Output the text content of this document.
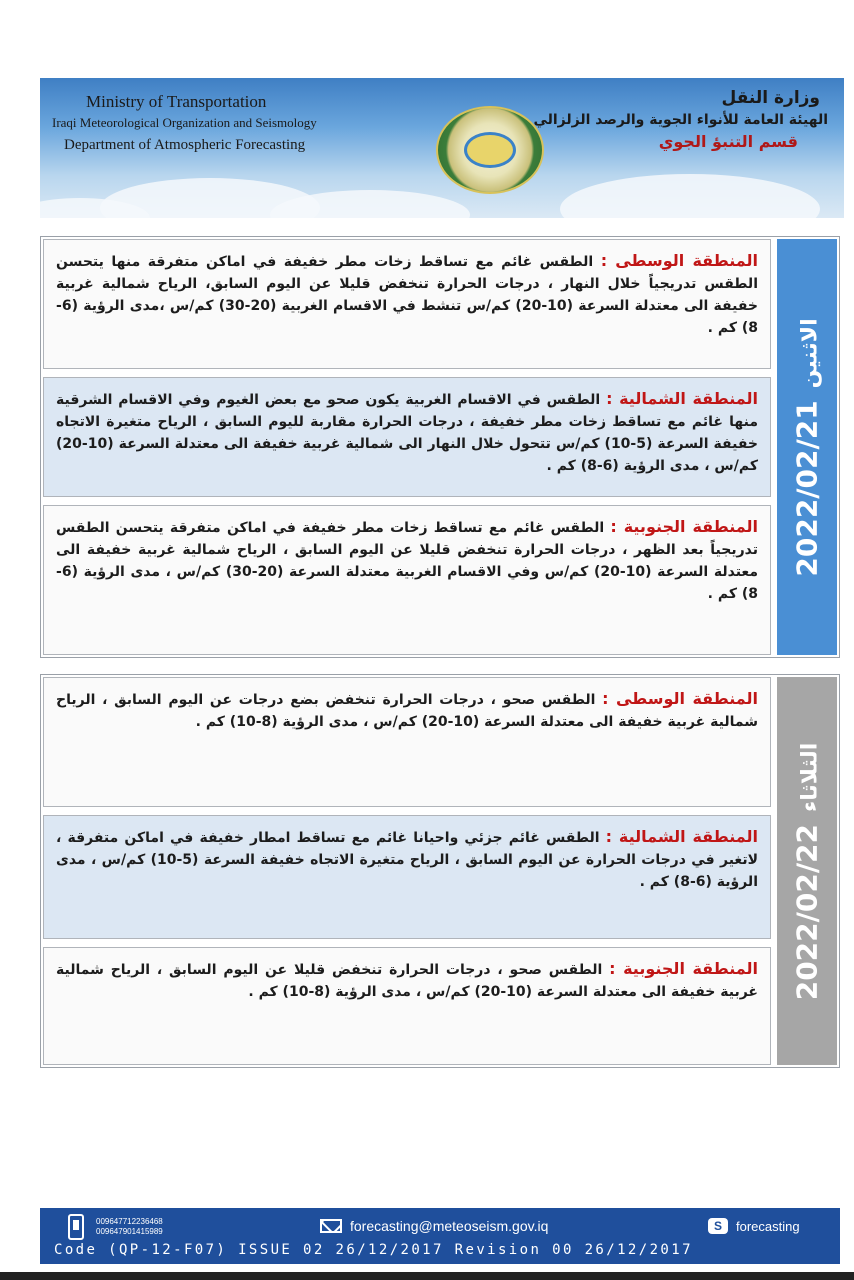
Ministry of Transportation
Iraqi Meteorological Organization and Seismology
Department of Atmospheric Forecasting
وزارة النقل
الهيئة العامة للأنواء الجوية والرصد الزلزالي
قسم التنبؤ الجوي
2022/02/21الاثنين
المنطقة الوسطى : الطقس غائم مع تساقط زخات مطر خفيفة في اماكن متفرقة منها يتحسن الطقس تدريجياً خلال النهار ، درجات الحرارة تنخفض قليلا عن اليوم السابق، الرياح شمالية غربية خفيفة الى معتدلة السرعة (10-20) كم/س تنشط في الاقسام الغربية (20-30) كم/س ،مدى الرؤية (6-8) كم .
المنطقة الشمالية : الطقس في الاقسام الغربية يكون صحو مع بعض الغيوم وفي الاقسام الشرقية منها غائم مع تساقط زخات مطر خفيفة ، درجات الحرارة مقاربة لليوم السابق ، الرياح متغيرة الاتجاه خفيفة السرعة (5-10) كم/س تتحول خلال النهار الى شمالية غربية خفيفة الى معتدلة السرعة (10-20) كم/س ، مدى الرؤية (6-8) كم .
المنطقة الجنوبية : الطقس غائم مع تساقط زخات مطر خفيفة في اماكن متفرقة يتحسن الطقس تدريجياً بعد الظهر ، درجات الحرارة تنخفض قليلا عن اليوم السابق ، الرياح شمالية غربية خفيفة الى معتدلة السرعة (10-20) كم/س وفي الاقسام الغربية معتدلة السرعة (20-30) كم/س ، مدى الرؤية (6-8) كم .
2022/02/22الثلاثاء
المنطقة الوسطى : الطقس صحو ، درجات الحرارة تنخفض بضع درجات عن اليوم السابق ، الرياح شمالية غربية خفيفة الى معتدلة السرعة (10-20) كم/س ، مدى الرؤية (8-10) كم .
المنطقة الشمالية : الطقس غائم جزئي واحيانا غائم مع تساقط امطار خفيفة في اماكن متفرقة ، لاتغير في درجات الحرارة عن اليوم السابق ، الرياح متغيرة الاتجاه خفيفة السرعة (5-10) كم/س ، مدى الرؤية (6-8) كم .
المنطقة الجنوبية : الطقس صحو ، درجات الحرارة تنخفض قليلا عن اليوم السابق ، الرياح شمالية غربية خفيفة الى معتدلة السرعة (10-20) كم/س ، مدى الرؤية (8-10) كم .
009647712236468
009647901415989	forecasting@meteoseism.gov.iq	S	forecasting
Code (QP-12-F07) ISSUE 02 26/12/2017 Revision 00 26/12/2017
